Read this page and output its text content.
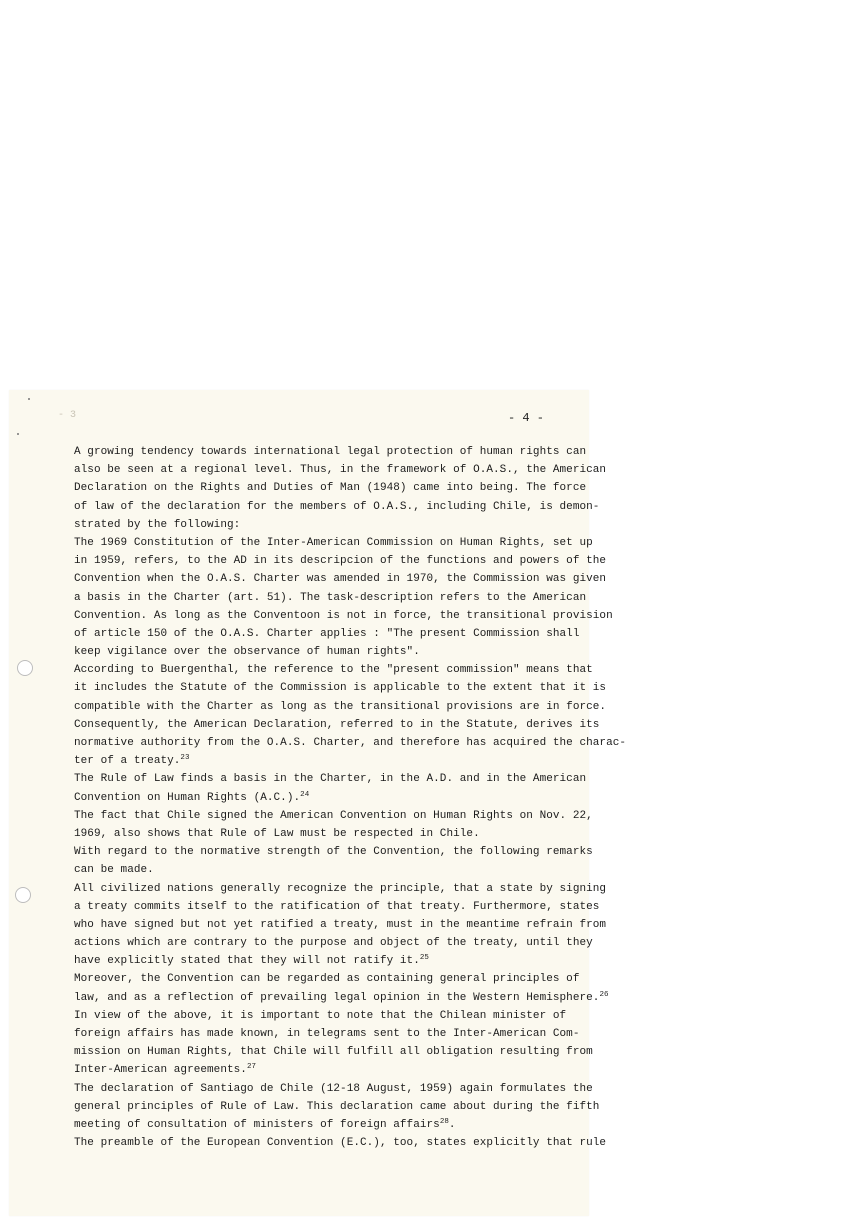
- 3	- 4 -
A growing tendency towards international legal protection of human rights can
also be seen at a regional level. Thus, in the framework of O.A.S., the American
Declaration on the Rights and Duties of Man (1948) came into being. The force
of law of the declaration for the members of O.A.S., including Chile, is demon-
strated by the following:
The 1969 Constitution of the Inter-American Commission on Human Rights, set up
in 1959, refers, to the AD in its descripcion of the functions and powers of the
Convention when the O.A.S. Charter was amended in 1970, the Commission was given
a basis in the Charter (art. 51). The task-description refers to the American
Convention. As long as the Conventoon is not in force, the transitional provision
of article 150 of the O.A.S. Charter applies : "The present Commission shall
keep vigilance over the observance of human rights".
According to Buergenthal, the reference to the "present commission" means that
it includes the Statute of the Commission is applicable to the extent that it is
compatible with the Charter as long as the transitional provisions are in force.
Consequently, the American Declaration, referred to in the Statute, derives its
normative authority from the O.A.S. Charter, and therefore has acquired the charac-
ter of a treaty.$^{23}$
The Rule of Law finds a basis in the Charter, in the A.D. and in the American
Convention on Human Rights (A.C.).$^{24}$
The fact that Chile signed the American Convention on Human Rights on Nov. 22,
1969, also shows that Rule of Law must be respected in Chile.
With regard to the normative strength of the Convention, the following remarks
can be made.
All civilized nations generally recognize the principle, that a state by signing
a treaty commits itself to the ratification of that treaty. Furthermore, states
who have signed but not yet ratified a treaty, must in the meantime refrain from
actions which are contrary to the purpose and object of the treaty, until they
have explicitly stated that they will not ratify it.$^{25}$
Moreover, the Convention can be regarded as containing general principles of
law, and as a reflection of prevailing legal opinion in the Western Hemisphere.$^{26}$
In view of the above, it is important to note that the Chilean minister of
foreign affairs has made known, in telegrams sent to the Inter-American Com-
mission on Human Rights, that Chile will fulfill all obligation resulting from
Inter-American agreements.$^{27}$
The declaration of Santiago de Chile (12-18 August, 1959) again formulates the
general principles of Rule of Law. This declaration came about during the fifth
meeting of consultation of ministers of foreign affairs$^{28}$.
The preamble of the European Convention (E.C.), too, states explicitly that rule
